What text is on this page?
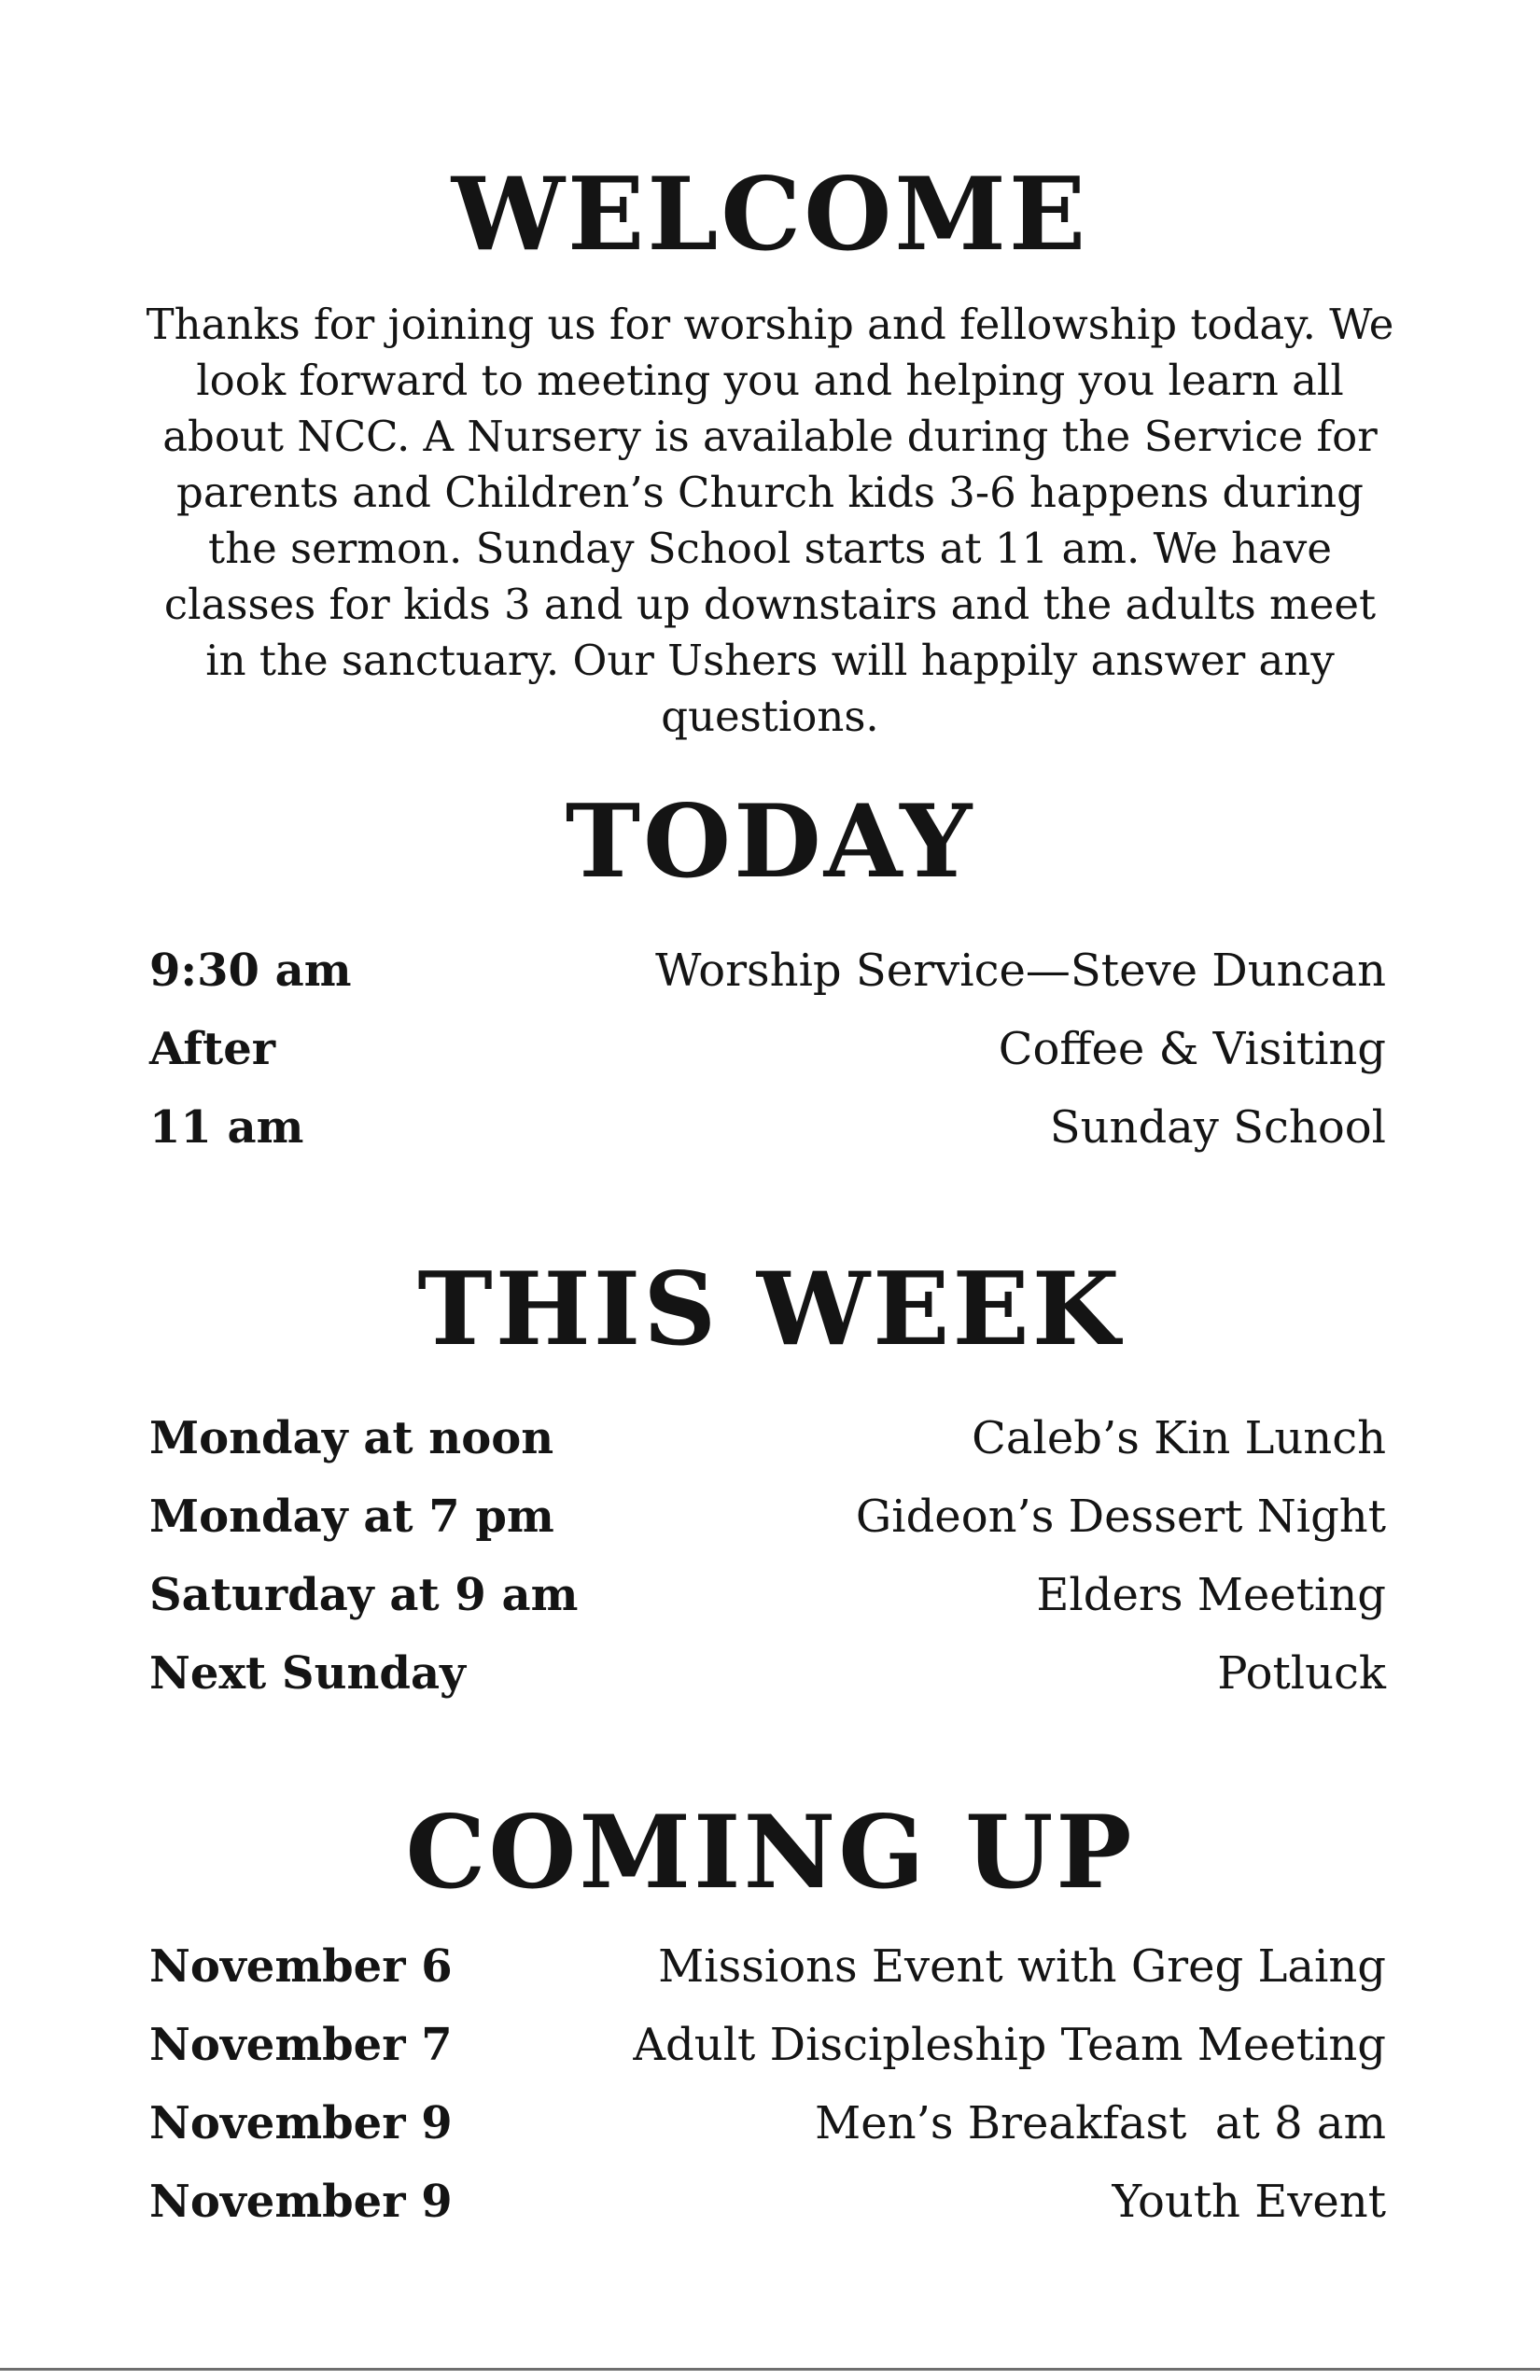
WELCOME

Thanks for joining us for worship and fellowship today. We look forward to meeting you and helping you learn all about NCC. A Nursery is available during the Service for parents and Children’s Church kids 3-6 happens during the sermon. Sunday School starts at 11 am. We have classes for kids 3 and up downstairs and the adults meet in the sanctuary. Our Ushers will happily answer any questions.

TODAY
9:30 am	Worship Service—Steve Duncan
After	Coffee & Visiting
11 am	Sunday School
THIS WEEK
Monday at noon	Caleb’s Kin Lunch
Monday at 7 pm	Gideon’s Dessert Night
Saturday at 9 am	Elders Meeting
Next Sunday	Potluck
COMING UP
November 6	Missions Event with Greg Laing
November 7	Adult Discipleship Team Meeting
November 9	Men’s Breakfast  at 8 am
November 9	Youth Event
